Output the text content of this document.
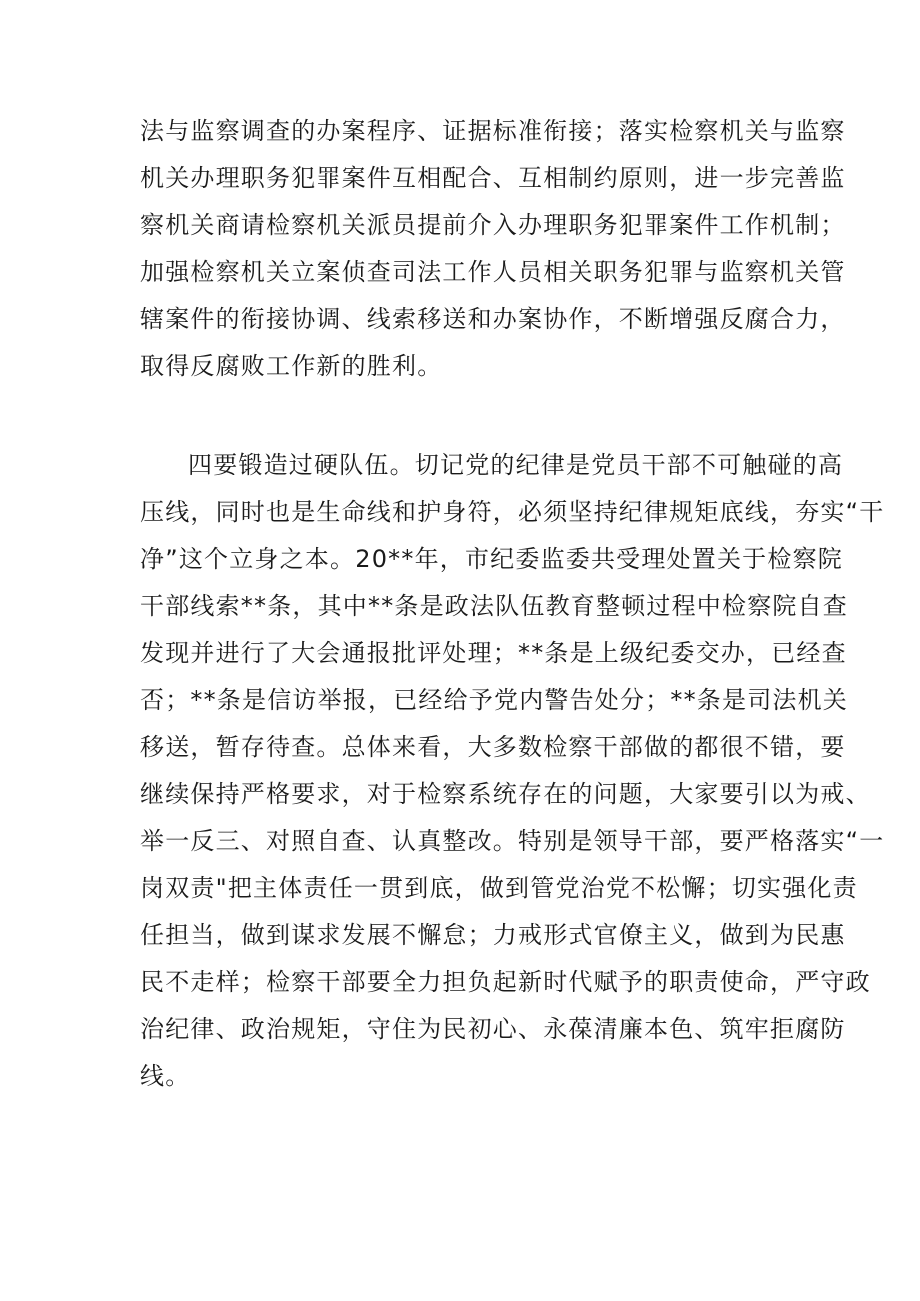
法与监察调查的办案程序、证据标准衔接；落实检察机关与监察
机关办理职务犯罪案件互相配合、互相制约原则，进一步完善监
察机关商请检察机关派员提前介入办理职务犯罪案件工作机制；
加强检察机关立案侦查司法工作人员相关职务犯罪与监察机关管
辖案件的衔接协调、线索移送和办案协作，不断增强反腐合力，
取得反腐败工作新的胜利。
四要锻造过硬队伍。切记党的纪律是党员干部不可触碰的高
压线，同时也是生命线和护身符，必须坚持纪律规矩底线，夯实“干
净”这个立身之本。20**年，市纪委监委共受理处置关于检察院
干部线索**条，其中**条是政法队伍教育整顿过程中检察院自查
发现并进行了大会通报批评处理；**条是上级纪委交办，已经查
否；**条是信访举报，已经给予党内警告处分；**条是司法机关
移送，暂存待查。总体来看，大多数检察干部做的都很不错，要
继续保持严格要求，对于检察系统存在的问题，大家要引以为戒、
举一反三、对照自查、认真整改。特别是领导干部，要严格落实“一
岗双责"把主体责任一贯到底，做到管党治党不松懈；切实强化责
任担当，做到谋求发展不懈怠；力戒形式官僚主义，做到为民惠
民不走样；检察干部要全力担负起新时代赋予的职责使命，严守政
治纪律、政治规矩，守住为民初心、永葆清廉本色、筑牢拒腐防
线。
